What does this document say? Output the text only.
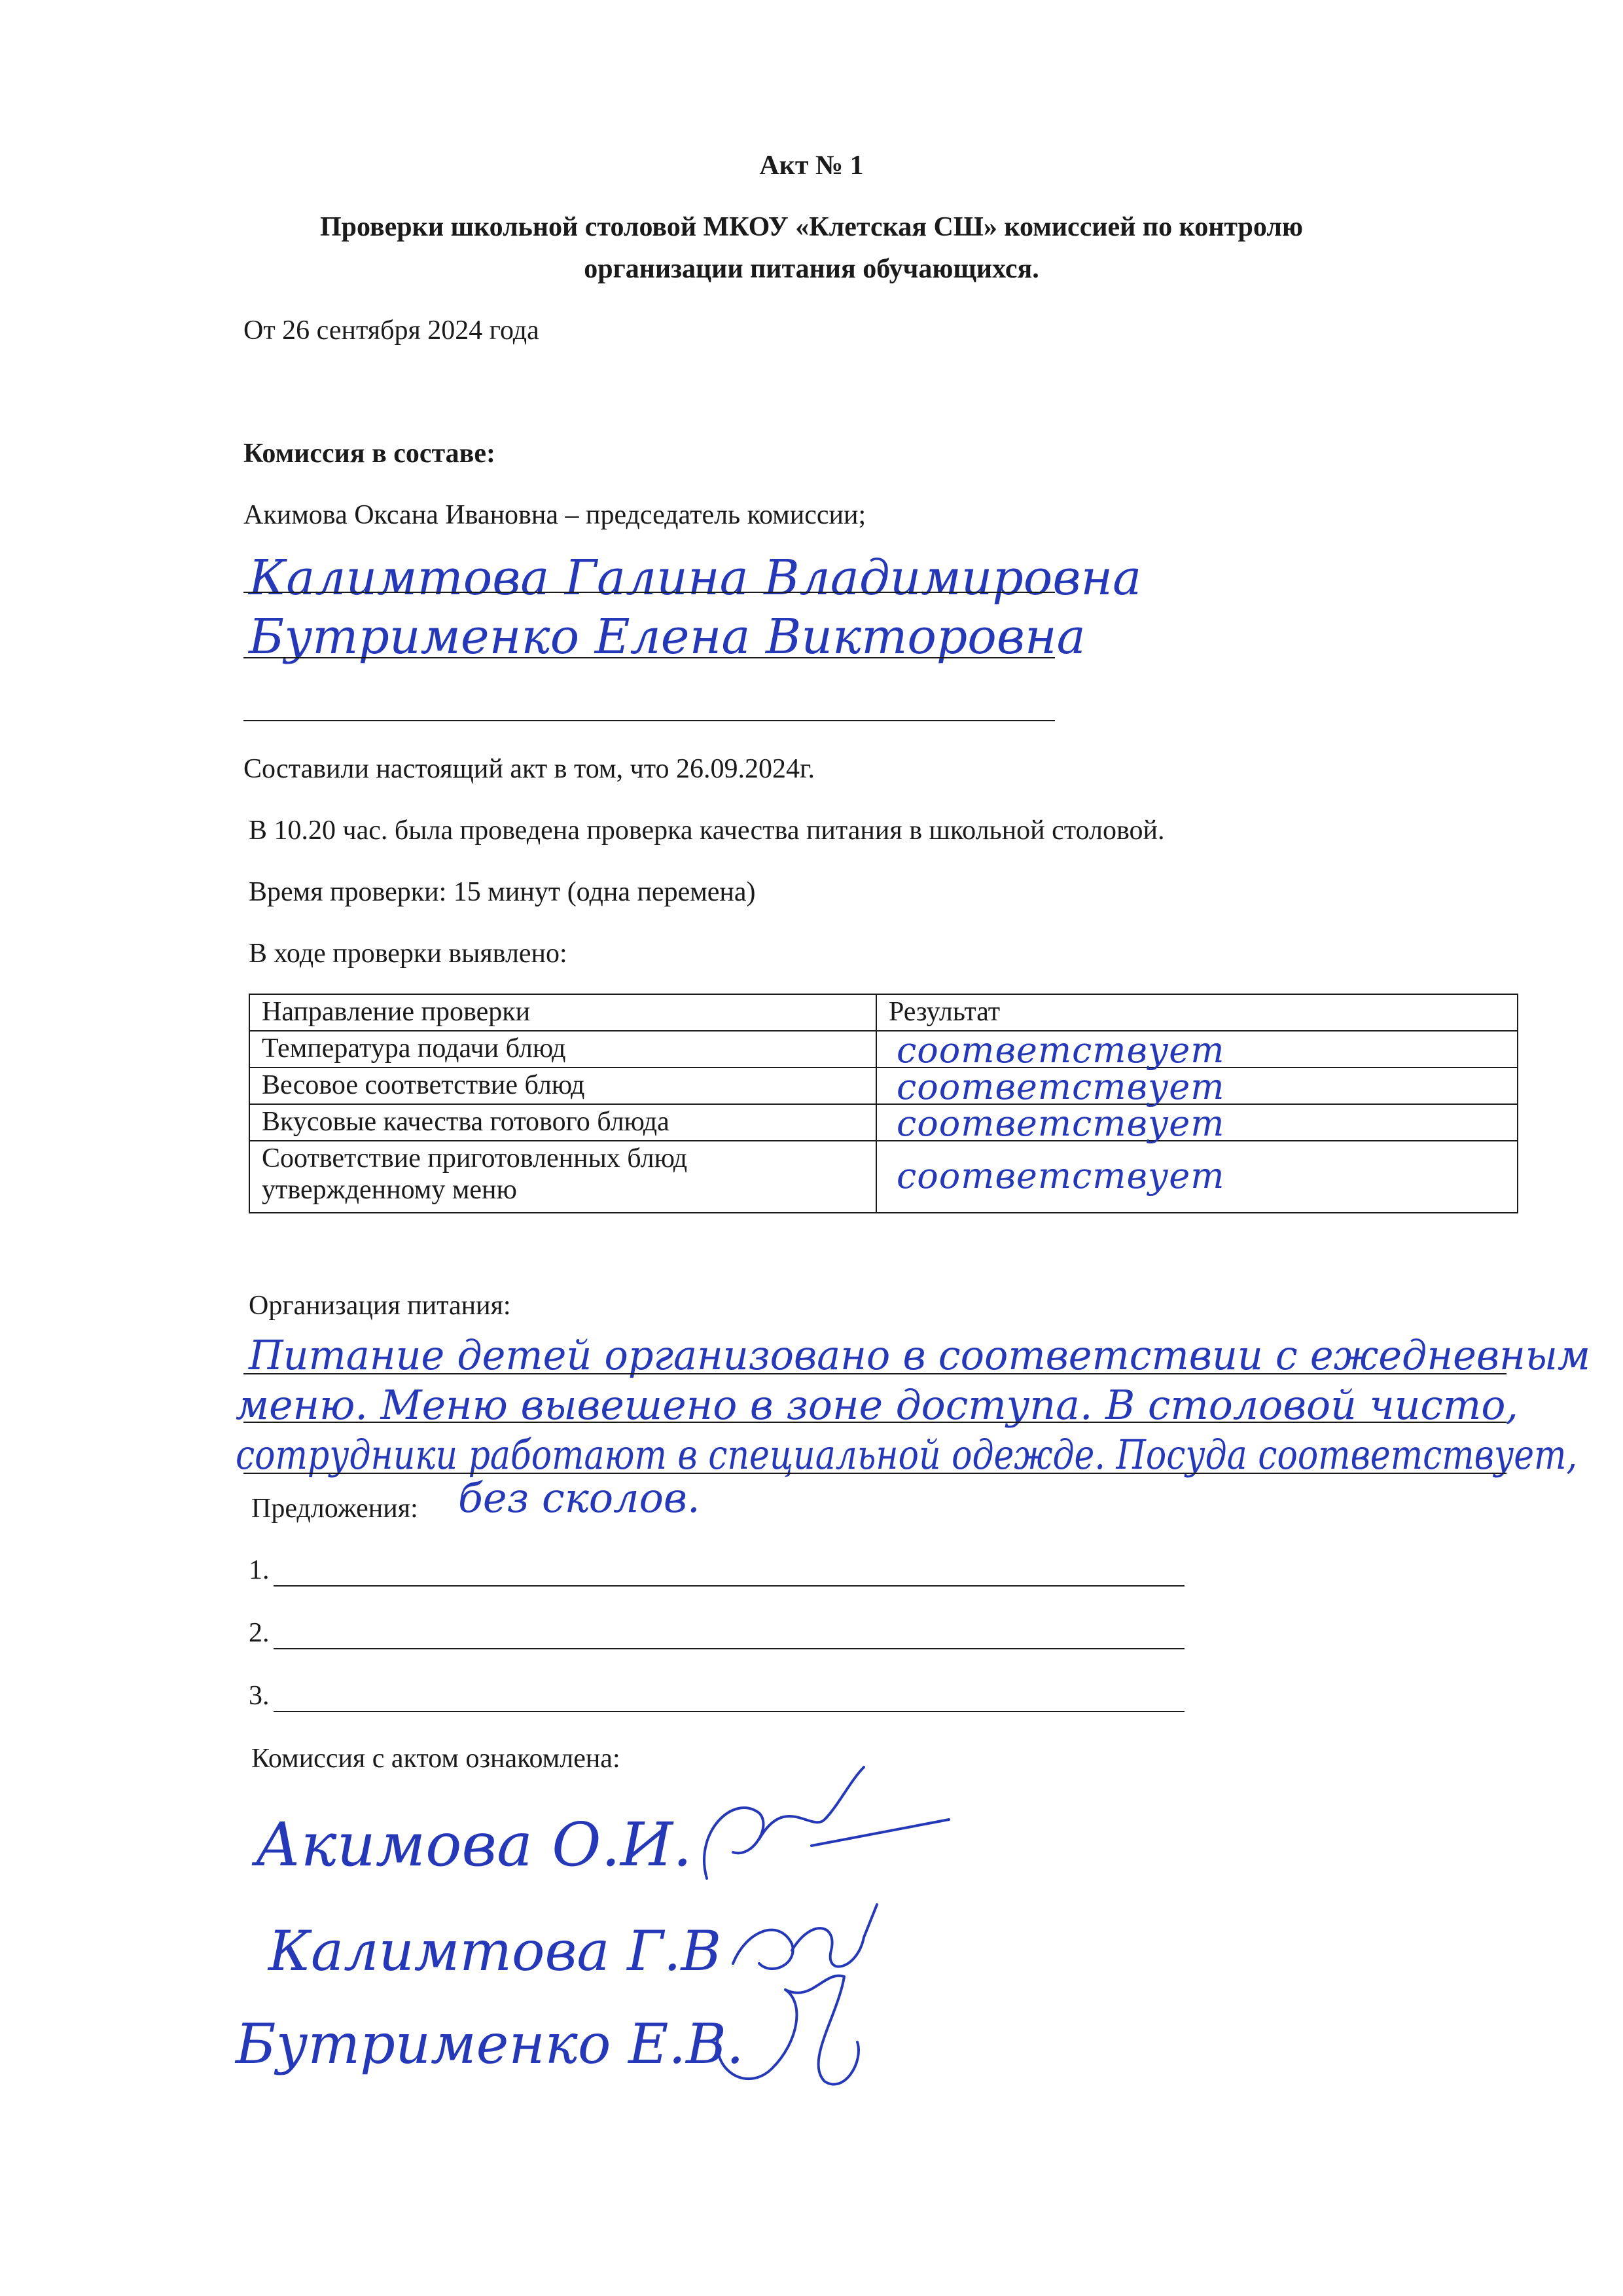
Акт № 1
Проверки школьной столовой МКОУ «Клетская СШ» комиссией по контролю
организации питания обучающихся.
От 26 сентября 2024 года
Комиссия в составе:
Акимова Оксана Ивановна – председатель комиссии;
Калимтова Галина Владимировна
Бутрименко Елена Викторовна
Составили настоящий акт в том, что 26.09.2024г.
В 10.20 час. была проведена проверка качества питания в школьной столовой.
Время проверки: 15 минут (одна перемена)
В ходе проверки выявлено:
Направление проверки	Результат
Температура подачи блюд	соответствует

Весовое соответствие блюд	соответствует

Вкусовые качества готового блюда	соответствует

Соответствие приготовленных блюд
утвержденному меню	соответствует
Организация питания:
Питание детей организовано в соответствии с ежедневным
меню. Меню вывешено в зоне доступа. В столовой чисто,
сотрудники работают в специальной одежде. Посуда соответствует,
без сколов.
Предложения:
1.
2.
3.
Комиссия с актом ознакомлена:
Акимова О.И.
Калимтова Г.В
Бутрименко Е.В.
